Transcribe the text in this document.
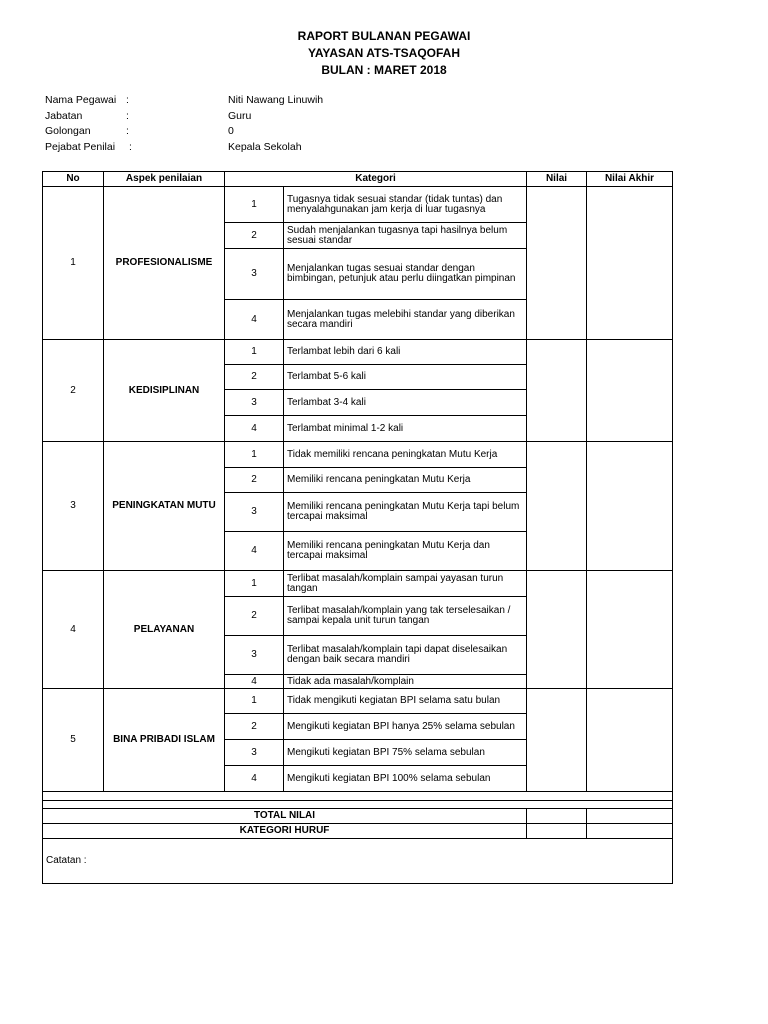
RAPORT BULANAN PEGAWAI
YAYASAN ATS-TSAQOFAH
BULAN : MARET 2018
Nama Pegawai :	Niti Nawang Linuwih
Jabatan	:	Guru
Golongan	:	0
Pejabat Penilai	:	Kepala Sekolah
No	Aspek penilaian	Kategori		Nilai	Nilai Akhir
1	PROFESIONALISME	1	Tugasnya tidak sesuai standar (tidak tuntas) dan menyalahgunakan jam kerja di luar tugasnya		
		2	Sudah menjalankan tugasnya tapi hasilnya belum sesuai standar		
		3	Menjalankan tugas sesuai standar dengan bimbingan, petunjuk atau perlu diingatkan pimpinan		
		4	Menjalankan tugas melebihi standar yang diberikan secara mandiri		
2	KEDISIPLINAN	1	Terlambat lebih dari 6 kali		
		2	Terlambat 5-6 kali		
		3	Terlambat 3-4 kali		
		4	Terlambat minimal 1-2 kali		
3	PENINGKATAN MUTU	1	Tidak memiliki rencana peningkatan Mutu Kerja		
		2	Memiliki rencana peningkatan Mutu Kerja		
		3	Memiliki rencana peningkatan Mutu Kerja tapi belum tercapai maksimal		
		4	Memiliki rencana peningkatan Mutu Kerja dan tercapai maksimal		
4	PELAYANAN	1	Terlibat masalah/komplain sampai yayasan turun tangan		
		2	Terlibat masalah/komplain yang tak terselesaikan / sampai kepala unit turun tangan		
		3	Terlibat masalah/komplain tapi dapat diselesaikan dengan baik secara mandiri		
		4	Tidak ada masalah/komplain		
5	BINA PRIBADI ISLAM	1	Tidak mengikuti kegiatan BPI selama satu bulan		
		2	Mengikuti kegiatan BPI hanya 25% selama sebulan		
		3	Mengikuti kegiatan BPI 75% selama sebulan		
		4	Mengikuti kegiatan BPI 100% selama sebulan		

TOTAL NILAI					
KATEGORI HURUF					
Catatan :					
